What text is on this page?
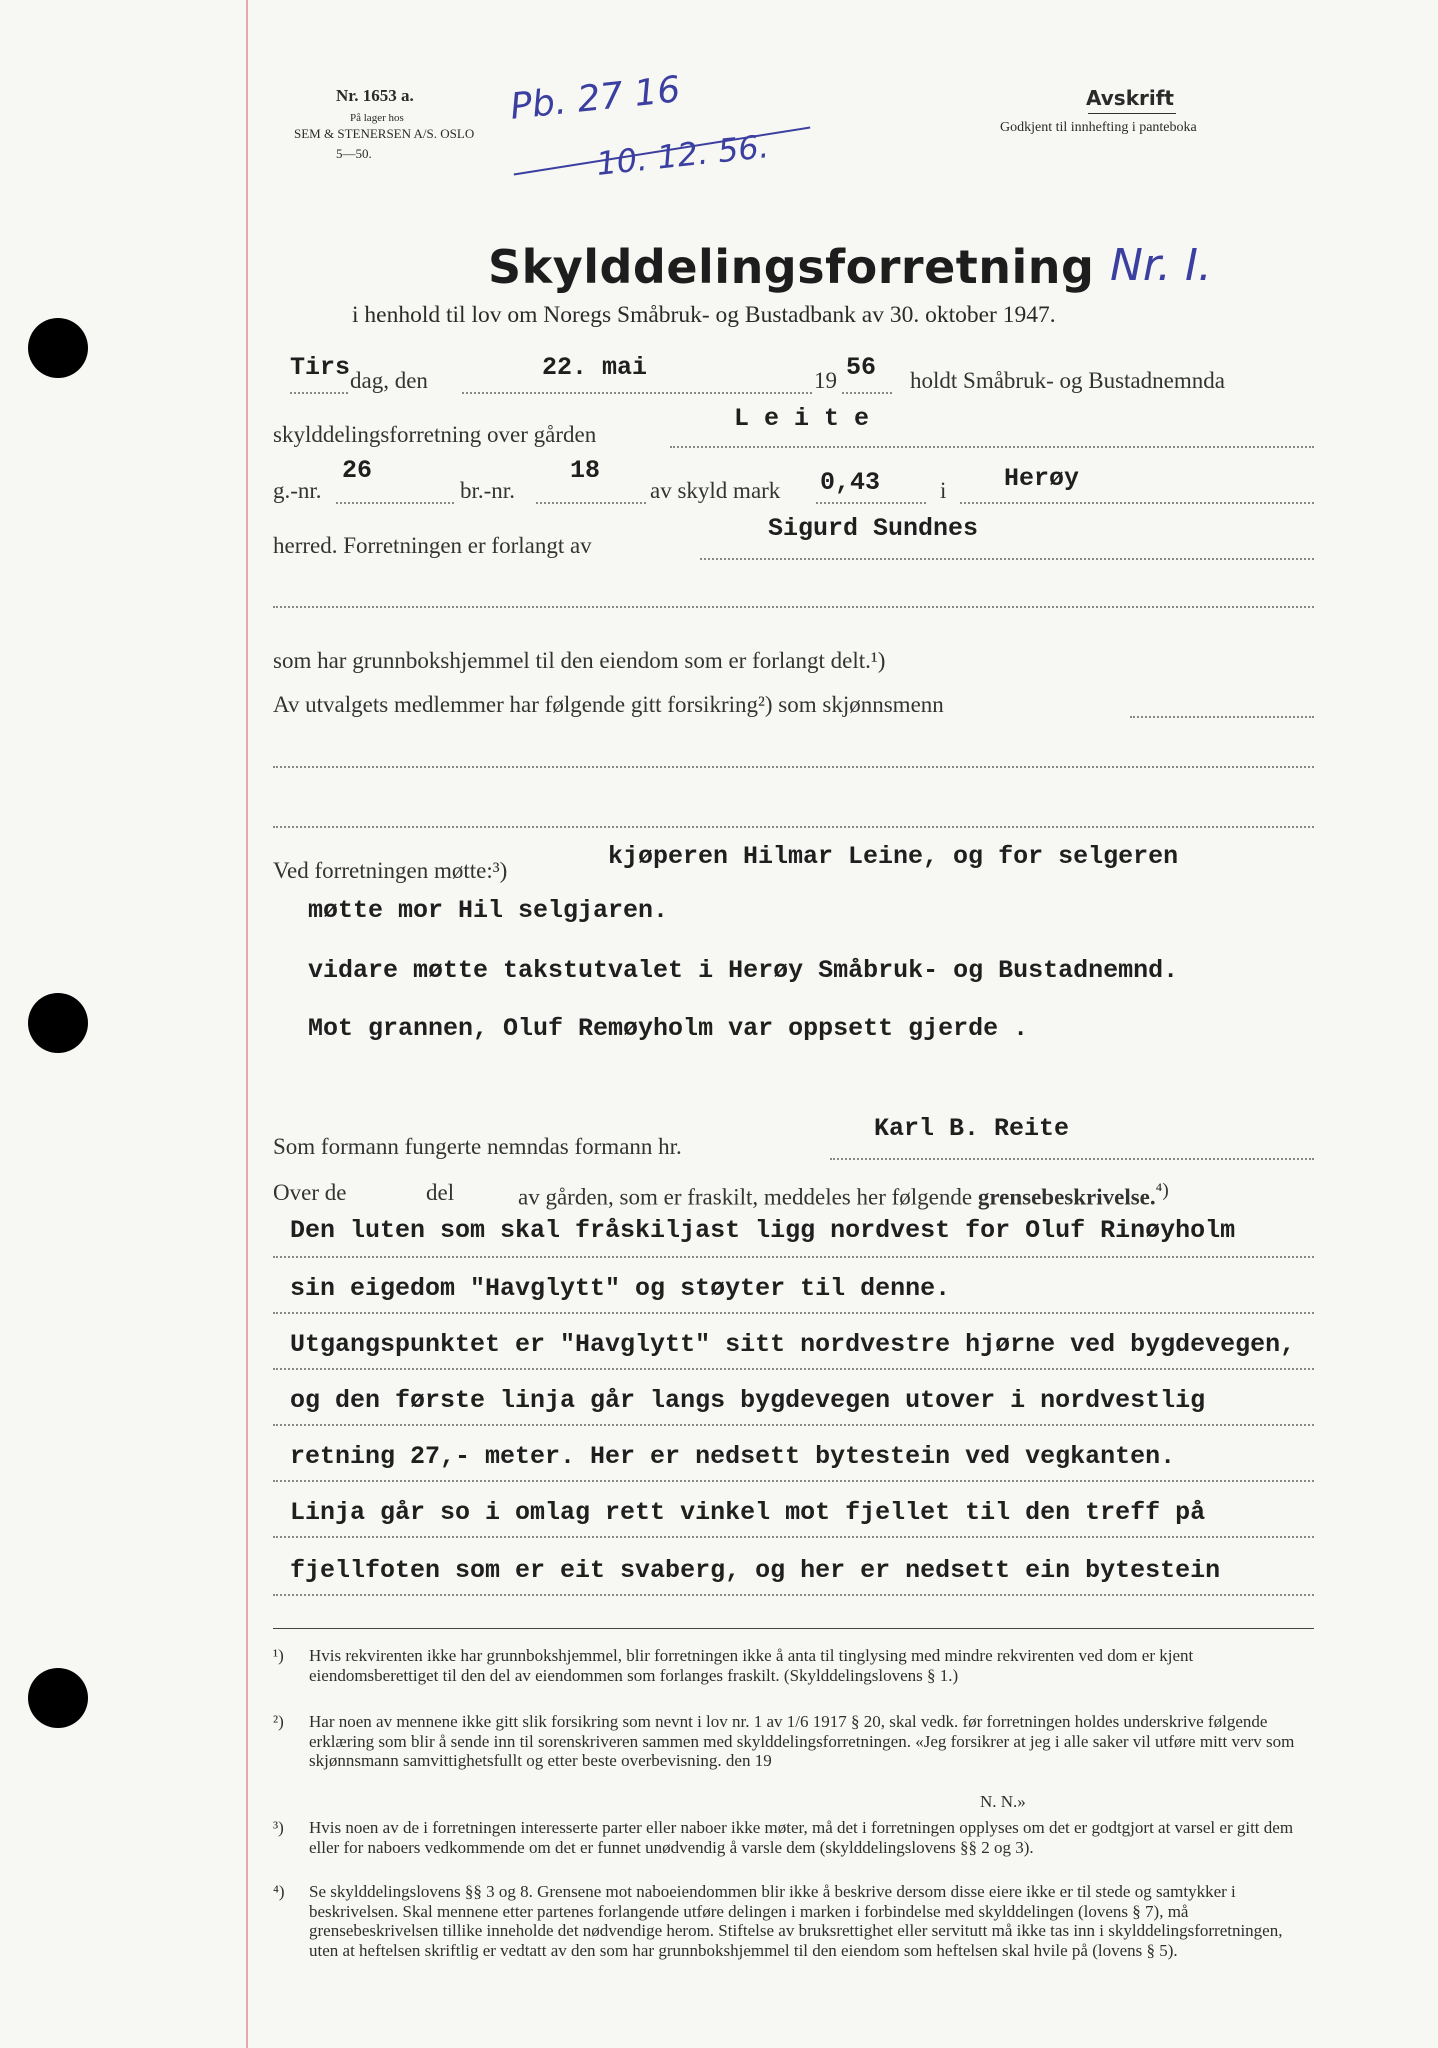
Nr. 1653 a.
På lager hos
SEM & STENERSEN A/S. OSLO
5—50.
Pb. 27 16
10. 12. 56.
Avskrift
Godkjent til innhefting i panteboka
Skylddelingsforretning Nr. I.
i henhold til lov om Noregs Småbruk- og Bustadbank av 30. oktober 1947.
Tirs dag, den	22. mai	19 56 holdt Småbruk- og Bustadnemnda
skylddelingsforretning over gården
L e i t e
g.-nr.
26
br.-nr.
18
av skyld mark 0,43	i Herøy
herred. Forretningen er forlangt av
Sigurd Sundnes
som har grunnbokshjemmel til den eiendom som er forlangt delt.¹)
Av utvalgets medlemmer har følgende gitt forsikring²) som skjønnsmenn
Ved forretningen møtte:³)	kjøperen Hilmar Leine, og for selgeren
møtte mor Hil selgjaren.
vidare møtte takstutvalet i Herøy Småbruk- og Bustadnemnd.
Mot grannen, Oluf Remøyholm var oppsett gjerde .
Som formann fungerte nemndas formann hr.
Karl B. Reite
Over de	del	av gården, som er fraskilt, meddeles her følgende grensebeskrivelse.$^{^4)}$
Den luten som skal fråskiljast ligg nordvest for Oluf Rinøyholm
sin eigedom "Havglytt" og støyter til denne.
Utgangspunktet er "Havglytt" sitt nordvestre hjørne ved bygdevegen,
og den første linja går langs bygdevegen utover i nordvestlig
retning 27,- meter. Her er nedsett bytestein ved vegkanten.
Linja går so i omlag rett vinkel mot fjellet til den treff på
fjellfoten som er eit svaberg, og her er nedsett ein bytestein
¹) Hvis rekvirenten ikke har grunnbokshjemmel, blir forretningen ikke å anta til tinglysing med mindre rekvirenten ved dom er kjent eiendomsberettiget til den del av eiendommen som forlanges fraskilt. (Skylddelingslovens § 1.)
²) Har noen av mennene ikke gitt slik forsikring som nevnt i lov nr. 1 av 1/6 1917 § 20, skal vedk. før forretningen holdes underskrive følgende erklæring som blir å sende inn til sorenskriveren sammen med skylddelingsforretningen. «Jeg forsikrer at jeg i alle saker vil utføre mitt verv som skjønnsmann samvittighetsfullt og etter beste overbevisning. den 19
N. N.»
³) Hvis noen av de i forretningen interesserte parter eller naboer ikke møter, må det i forretningen opplyses om det er godtgjort at varsel er gitt dem eller for naboers vedkommende om det er funnet unødvendig å varsle dem (skylddelingslovens §§ 2 og 3).
⁴) Se skylddelingslovens §§ 3 og 8. Grensene mot naboeiendommen blir ikke å beskrive dersom disse eiere ikke er til stede og samtykker i beskrivelsen. Skal mennene etter partenes forlangende utføre delingen i marken i forbindelse med skylddelingen (lovens § 7), må grensebeskrivelsen tillike inneholde det nødvendige herom. Stiftelse av bruksrettighet eller servitutt må ikke tas inn i skylddelingsforretningen, uten at heftelsen skriftlig er vedtatt av den som har grunnbokshjemmel til den eiendom som heftelsen skal hvile på (lovens § 5).
